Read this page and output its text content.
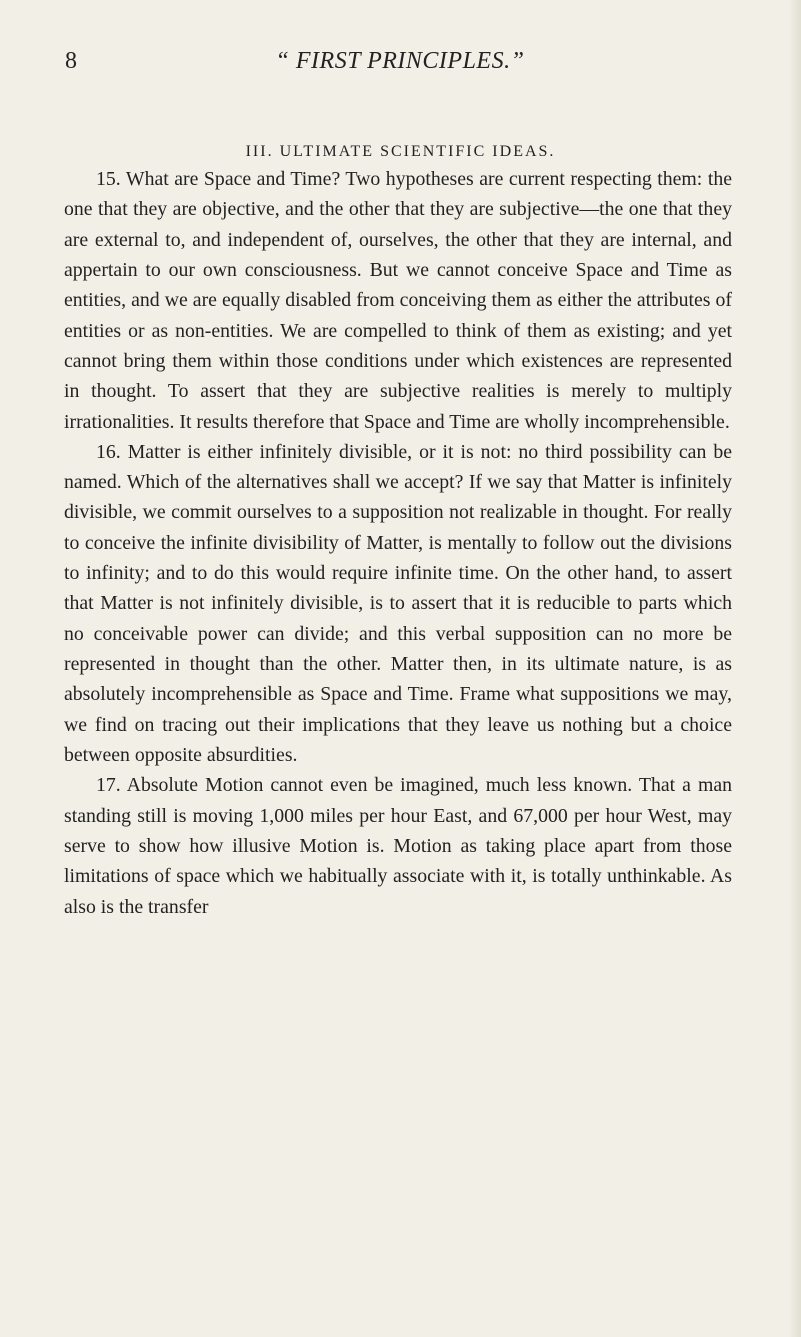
8	“ FIRST PRINCIPLES.”
III. ULTIMATE SCIENTIFIC IDEAS.

15. What are Space and Time? Two hypotheses are current respecting them: the one that they are objective, and the other that they are subjective—the one that they are external to, and independent of, ourselves, the other that they are internal, and appertain to our own consciousness. But we cannot conceive Space and Time as entities, and we are equally disabled from conceiving them as either the attributes of entities or as non-entities. We are compelled to think of them as existing; and yet cannot bring them within those conditions under which existences are represented in thought. To assert that they are subjective realities is merely to multiply irrationalities. It results therefore that Space and Time are wholly incomprehensible.

16. Matter is either infinitely divisible, or it is not: no third possibility can be named. Which of the alternatives shall we accept? If we say that Matter is infinitely divisible, we commit ourselves to a supposition not realizable in thought. For really to conceive the infinite divisibility of Matter, is mentally to follow out the divisions to infinity; and to do this would require infinite time. On the other hand, to assert that Matter is not infinitely divisible, is to assert that it is reducible to parts which no conceivable power can divide; and this verbal supposition can no more be represented in thought than the other. Matter then, in its ultimate nature, is as absolutely incomprehensible as Space and Time. Frame what suppositions we may, we find on tracing out their implications that they leave us nothing but a choice between opposite absurdities.

17. Absolute Motion cannot even be imagined, much less known. That a man standing still is moving 1,000 miles per hour East, and 67,000 per hour West, may serve to show how illusive Motion is. Motion as taking place apart from those limitations of space which we habitually associate with it, is totally unthinkable. As also is the transfer
